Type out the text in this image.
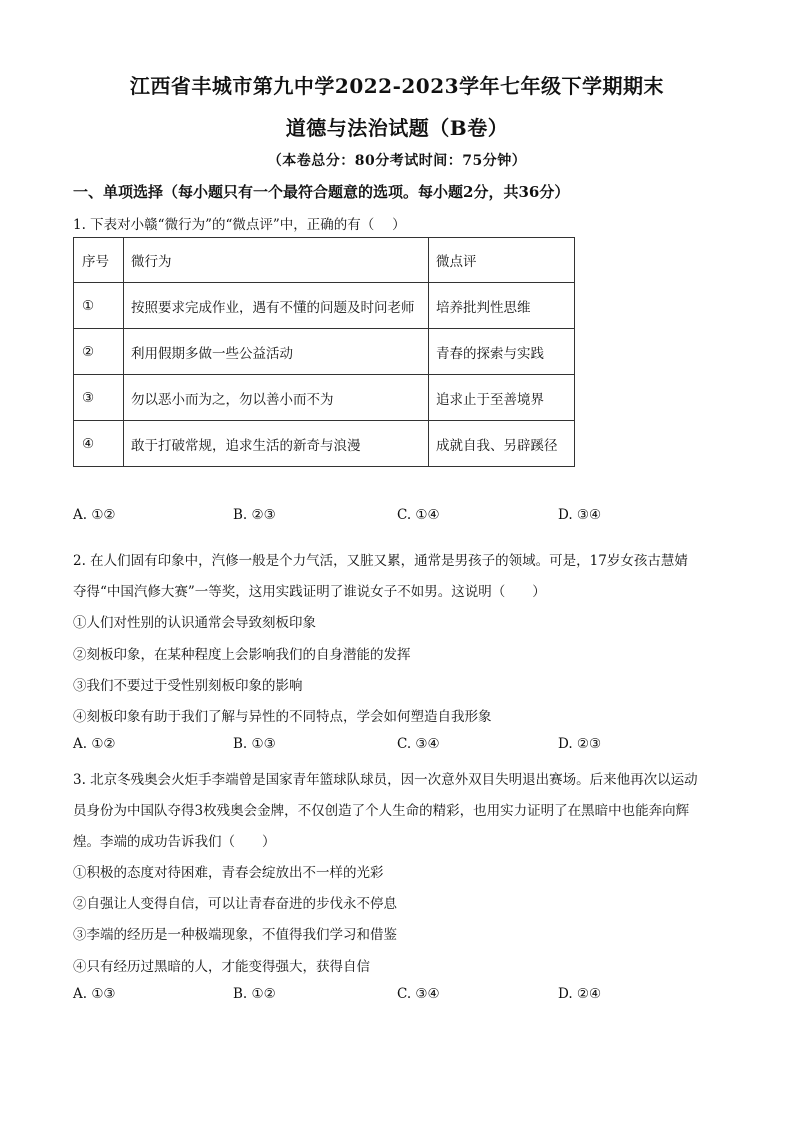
江西省丰城市第九中学2022-2023学年七年级下学期期末
道德与法治试题（B卷）
（本卷总分：80分考试时间：75分钟）
一、单项选择（每小题只有一个最符合题意的选项。每小题2分，共36分）
1. 下表对小赣“微行为”的“微点评”中，正确的有（　 ）
序号	微行为	微点评
①	按照要求完成作业，遇有不懂的问题及时问老师	培养批判性思维
②	利用假期多做一些公益活动	青春的探索与实践
③	勿以恶小而为之，勿以善小而不为	追求止于至善境界
④	敢于打破常规，追求生活的新奇与浪漫	成就自我、另辟蹊径
A. ①②	B. ②③	C. ①④	D. ③④
2. 在人们固有印象中，汽修一般是个力气活，又脏又累，通常是男孩子的领域。可是，17岁女孩古慧婧
夺得“中国汽修大赛”一等奖，这用实践证明了谁说女子不如男。这说明（　　）
①人们对性别的认识通常会导致刻板印象
②刻板印象，在某种程度上会影响我们的自身潜能的发挥
③我们不要过于受性别刻板印象的影响
④刻板印象有助于我们了解与异性的不同特点，学会如何塑造自我形象
A. ①②	B. ①③	C. ③④	D. ②③
3. 北京冬残奥会火炬手李端曾是国家青年篮球队球员，因一次意外双目失明退出赛场。后来他再次以运动
员身份为中国队夺得3枚残奥会金牌，不仅创造了个人生命的精彩，也用实力证明了在黑暗中也能奔向辉
煌。李端的成功告诉我们（　　）
①积极的态度对待困难，青春会绽放出不一样的光彩
②自强让人变得自信，可以让青春奋进的步伐永不停息
③李端的经历是一种极端现象，不值得我们学习和借鉴
④只有经历过黑暗的人，才能变得强大，获得自信
A. ①③	B. ①②	C. ③④	D. ②④
